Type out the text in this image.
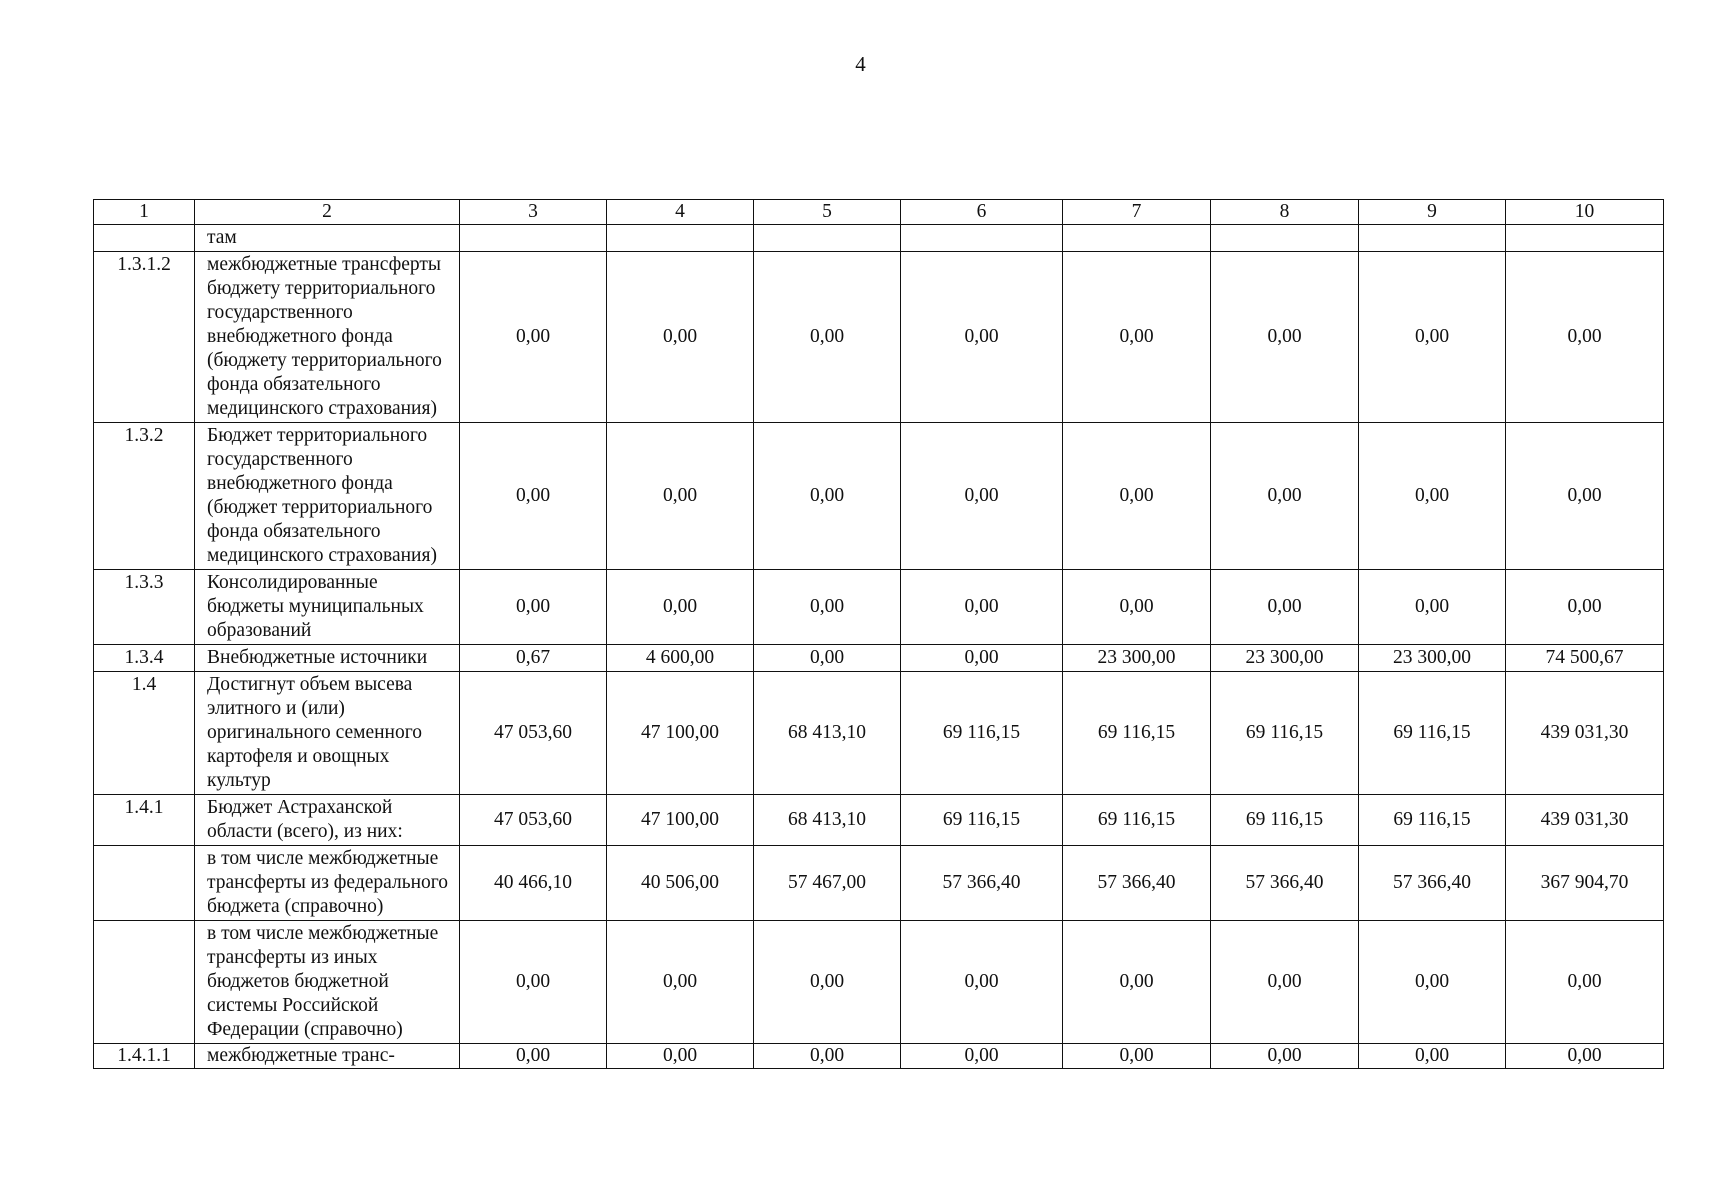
4
1	2	3	4	5	6	7	8	9	10
	там								
1.3.1.2	межбюджетные трансферты бюджету территориального государственного внебюджетного фонда (бюджету территориального фонда обязательного медицинского страхования)	0,00	0,00	0,00	0,00	0,00	0,00	0,00	0,00
1.3.2	Бюджет территориального государственного внебюджетного фонда (бюджет территориального фонда обязательного медицинского страхования)	0,00	0,00	0,00	0,00	0,00	0,00	0,00	0,00
1.3.3	Консолидированные бюджеты муниципальных образований	0,00	0,00	0,00	0,00	0,00	0,00	0,00	0,00
1.3.4	Внебюджетные источники	0,67	4 600,00	0,00	0,00	23 300,00	23 300,00	23 300,00	74 500,67
1.4	Достигнут объем высева элитного и (или) оригинального семенного картофеля и овощных культур	47 053,60	47 100,00	68 413,10	69 116,15	69 116,15	69 116,15	69 116,15	439 031,30
1.4.1	Бюджет Астраханской области (всего), из них:	47 053,60	47 100,00	68 413,10	69 116,15	69 116,15	69 116,15	69 116,15	439 031,30
	в том числе межбюджетные трансферты из федерального бюджета (справочно)	40 466,10	40 506,00	57 467,00	57 366,40	57 366,40	57 366,40	57 366,40	367 904,70
	в том числе межбюджетные трансферты из иных бюджетов бюджетной системы Российской Федерации (справочно)	0,00	0,00	0,00	0,00	0,00	0,00	0,00	0,00
1.4.1.1	межбюджетные транс-	0,00	0,00	0,00	0,00	0,00	0,00	0,00	0,00
